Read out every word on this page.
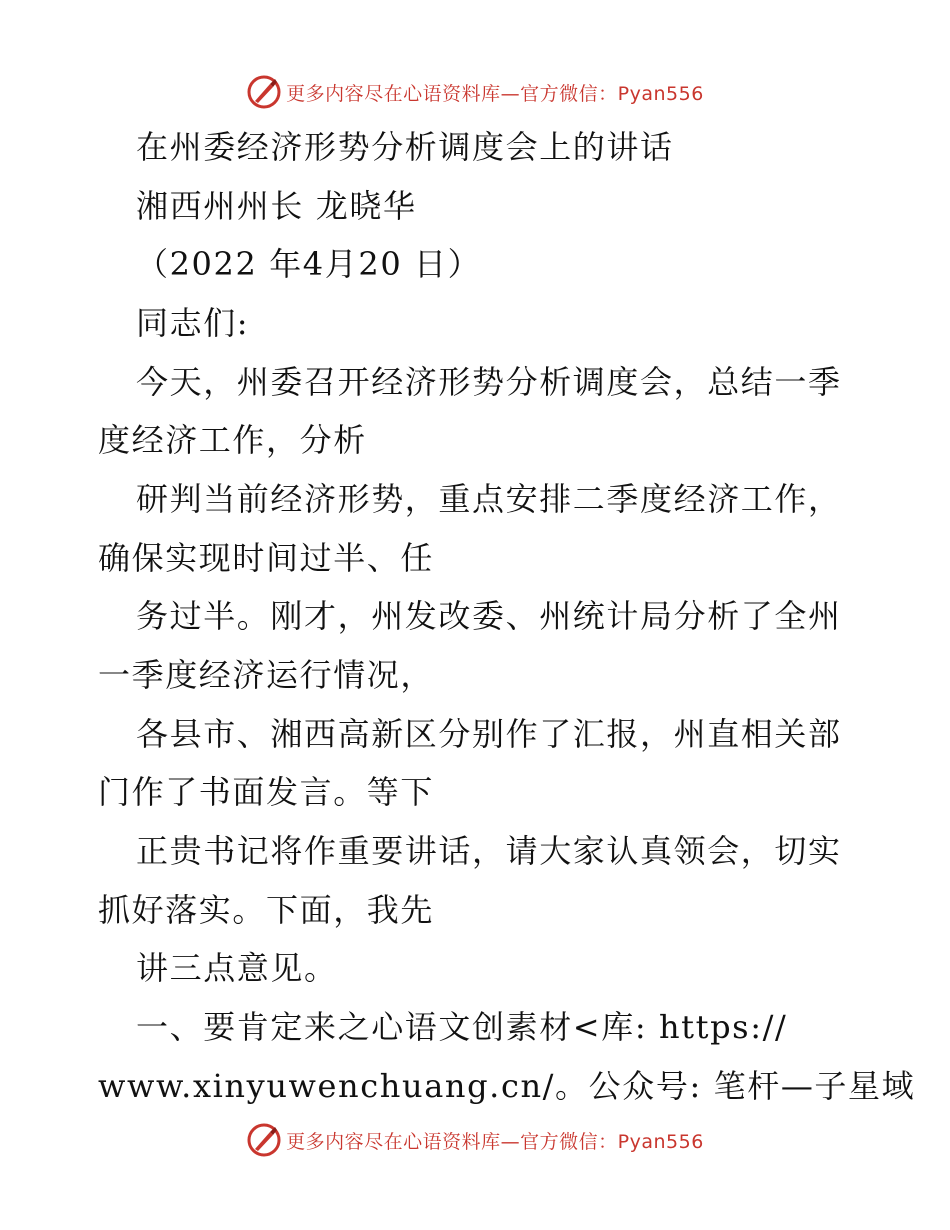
更多内容尽在心语资料库—官方微信：Pyan556
在州委经济形势分析调度会上的讲话
湘西州州长 龙晓华
（2022 年4月20 日）
同志们:
今天，州委召开经济形势分析调度会，总结一季
度经济工作，分析
研判当前经济形势，重点安排二季度经济工作，
确保实现时间过半、任
务过半。刚才，州发改委、州统计局分析了全州
一季度经济运行情况，
各县市、湘西高新区分别作了汇报，州直相关部
门作了书面发言。等下
正贵书记将作重要讲话，请大家认真领会，切实
抓好落实。下面，我先
讲三点意见。
一、要肯定来之心语文创素材<库: https://
www.xinyuwenchuang.cn/。公众号: 笔杆—子星域
更多内容尽在心语资料库—官方微信：Pyan556
